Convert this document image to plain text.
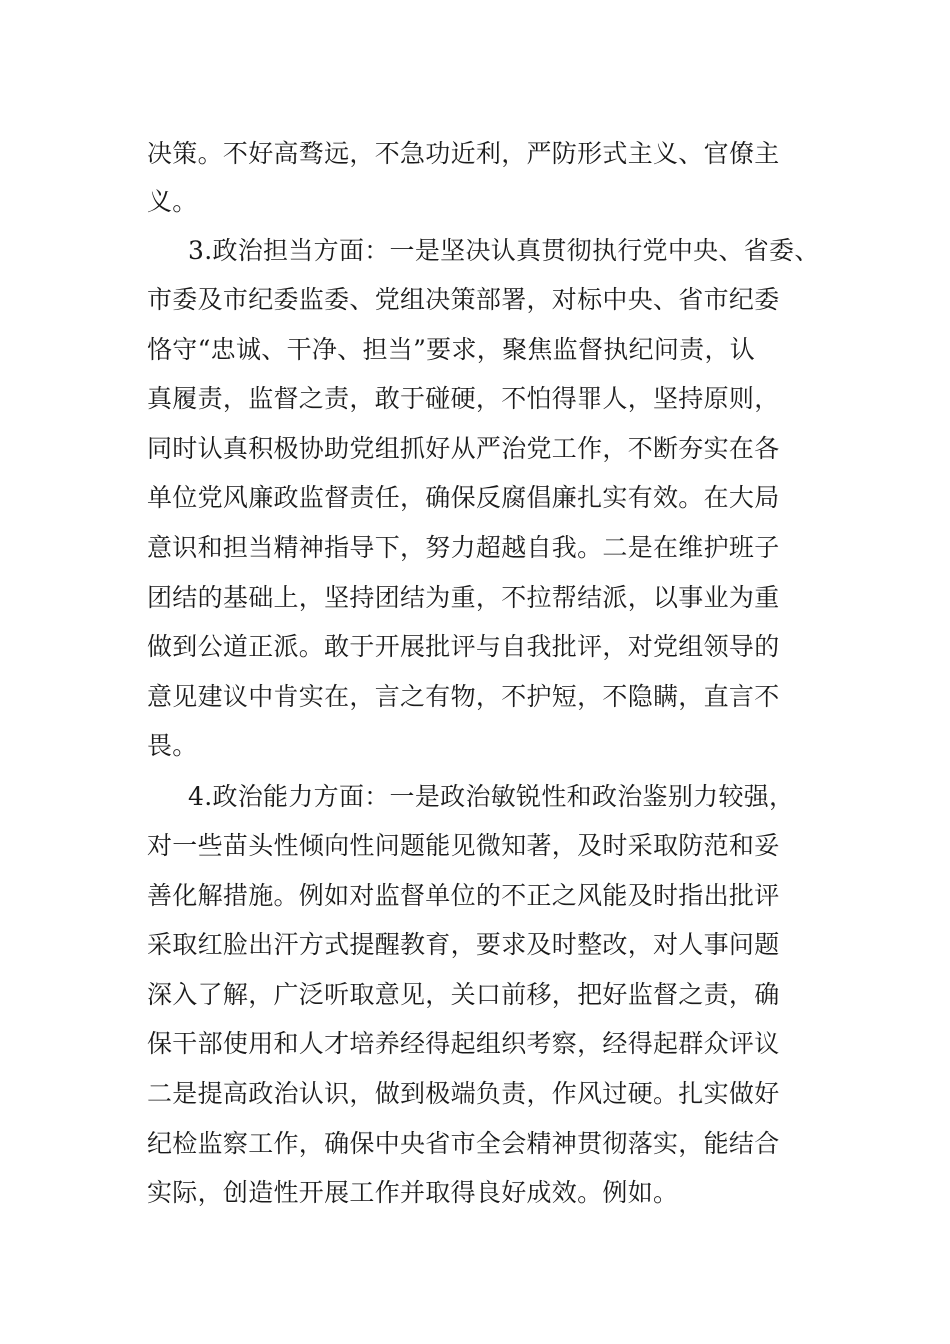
决策。不好高骛远，不急功近利，严防形式主义、官僚主
义。
3.政治担当方面：一是坚决认真贯彻执行党中央、省委、
市委及市纪委监委、党组决策部署，对标中央、省市纪委
恪守“忠诚、干净、担当”要求，聚焦监督执纪问责，认
真履责，监督之责，敢于碰硬，不怕得罪人，坚持原则，
同时认真积极协助党组抓好从严治党工作，不断夯实在各
单位党风廉政监督责任，确保反腐倡廉扎实有效。在大局
意识和担当精神指导下，努力超越自我。二是在维护班子
团结的基础上，坚持团结为重，不拉帮结派，以事业为重
做到公道正派。敢于开展批评与自我批评，对党组领导的
意见建议中肯实在，言之有物，不护短，不隐瞒，直言不
畏。
4.政治能力方面：一是政治敏锐性和政治鉴别力较强，
对一些苗头性倾向性问题能见微知著，及时采取防范和妥
善化解措施。例如对监督单位的不正之风能及时指出批评
采取红脸出汗方式提醒教育，要求及时整改，对人事问题
深入了解，广泛听取意见，关口前移，把好监督之责，确
保干部使用和人才培养经得起组织考察，经得起群众评议
二是提高政治认识，做到极端负责，作风过硬。扎实做好
纪检监察工作，确保中央省市全会精神贯彻落实，能结合
实际，创造性开展工作并取得良好成效。例如。
